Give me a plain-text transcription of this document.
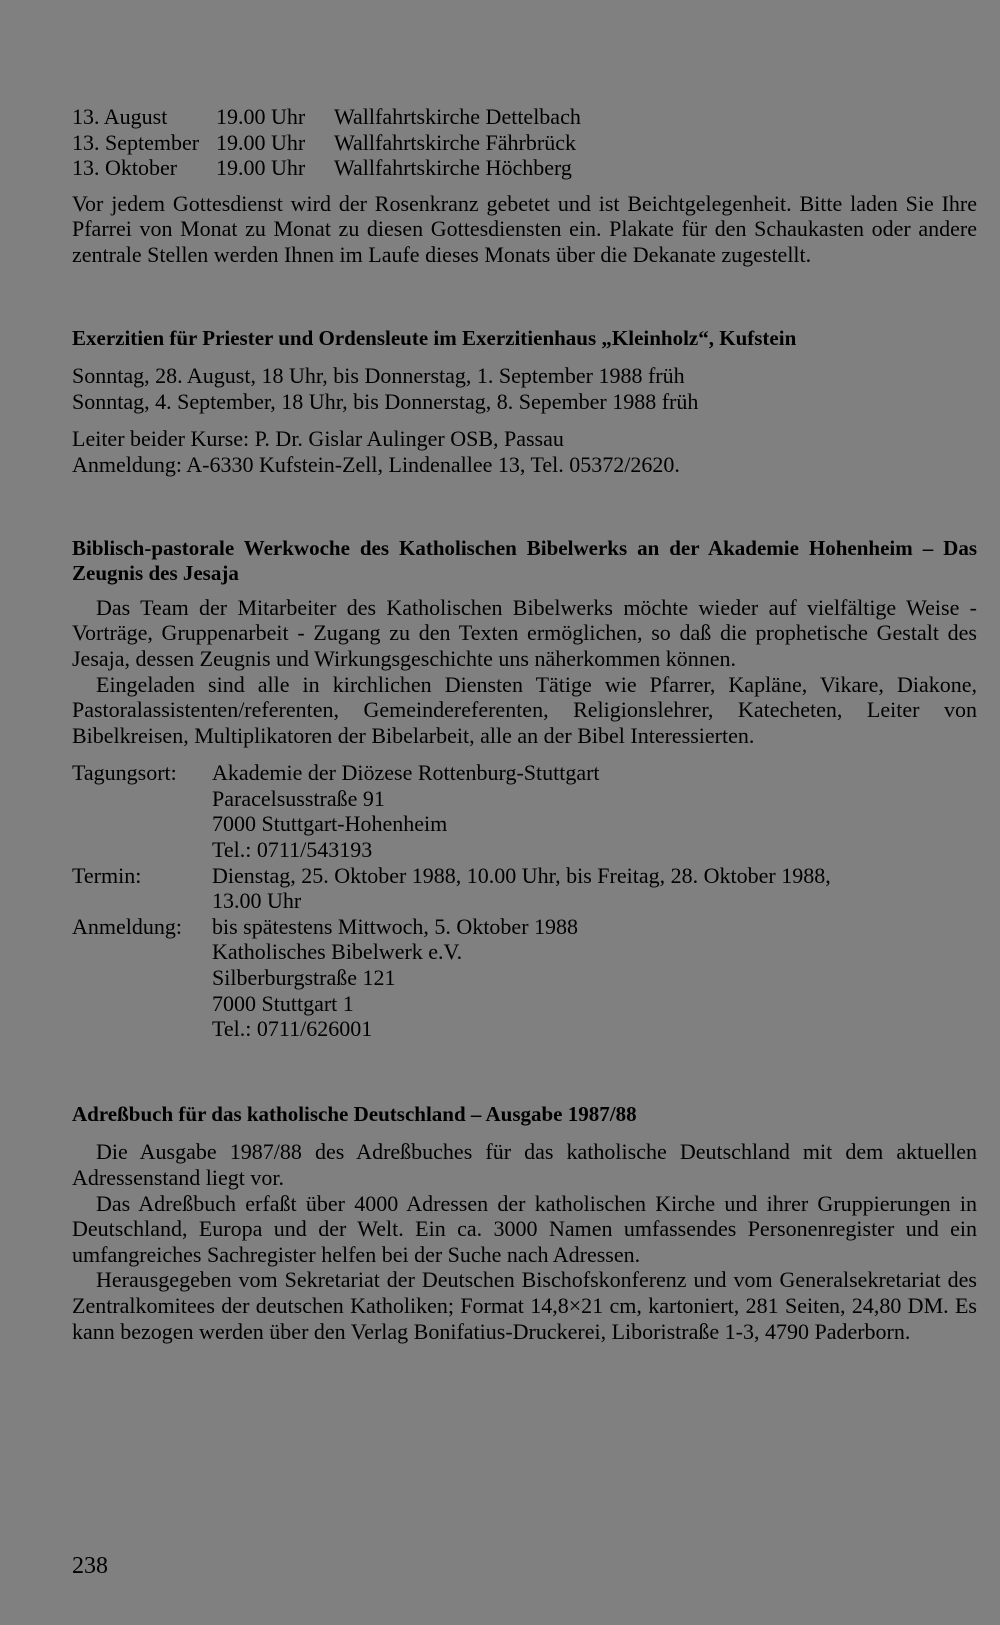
13. August	19.00 Uhr	Wallfahrtskirche Dettelbach
13. September 19.00 Uhr	Wallfahrtskirche Fährbrück
13. Oktober	19.00 Uhr	Wallfahrtskirche Höchberg

Vor jedem Gottesdienst wird der Rosenkranz gebetet und ist Beichtgelegenheit. Bitte laden Sie Ihre Pfarrei von Monat zu Monat zu diesen Gottesdiensten ein. Plakate für den Schaukasten oder andere zentrale Stellen werden Ihnen im Laufe dieses Monats über die Dekanate zugestellt.

Exerzitien für Priester und Ordensleute im Exerzitienhaus „Kleinholz“, Kufstein

Sonntag, 28. August, 18 Uhr, bis Donnerstag, 1. September 1988 früh
Sonntag, 4. September, 18 Uhr, bis Donnerstag, 8. Sepember 1988 früh
Leiter beider Kurse: P. Dr. Gislar Aulinger OSB, Passau
Anmeldung: A-6330 Kufstein-Zell, Lindenallee 13, Tel. 05372/2620.

Biblisch-pastorale Werkwoche des Katholischen Bibelwerks an der Akademie Hohenheim – Das Zeugnis des Jesaja

Das Team der Mitarbeiter des Katholischen Bibelwerks möchte wieder auf vielfältige Weise - Vorträge, Gruppenarbeit - Zugang zu den Texten ermöglichen, so daß die prophetische Gestalt des Jesaja, dessen Zeugnis und Wirkungsgeschichte uns näherkommen können.

Eingeladen sind alle in kirchlichen Diensten Tätige wie Pfarrer, Kapläne, Vikare, Diakone, Pastoralassistenten/referenten, Gemeindereferenten, Religionslehrer, Katecheten, Leiter von Bibelkreisen, Multiplikatoren der Bibelarbeit, alle an der Bibel Interessierten.

Tagungsort:	Akademie der Diözese Rottenburg-Stuttgart
Paracelsusstraße 91
7000 Stuttgart-Hohenheim
Tel.: 0711/543193
Termin:	Dienstag, 25. Oktober 1988, 10.00 Uhr, bis Freitag, 28. Oktober 1988,
13.00 Uhr
Anmeldung:	bis spätestens Mittwoch, 5. Oktober 1988
Katholisches Bibelwerk e.V.
Silberburgstraße 121
7000 Stuttgart 1
Tel.: 0711/626001

Adreßbuch für das katholische Deutschland – Ausgabe 1987/88

Die Ausgabe 1987/88 des Adreßbuches für das katholische Deutschland mit dem aktuellen Adressenstand liegt vor.

Das Adreßbuch erfaßt über 4000 Adressen der katholischen Kirche und ihrer Gruppierungen in Deutschland, Europa und der Welt. Ein ca. 3000 Namen umfassendes Personenregister und ein umfangreiches Sachregister helfen bei der Suche nach Adressen.

Herausgegeben vom Sekretariat der Deutschen Bischofskonferenz und vom Generalsekretariat des Zentralkomitees der deutschen Katholiken; Format 14,8×21 cm, kartoniert, 281 Seiten, 24,80 DM. Es kann bezogen werden über den Verlag Bonifatius-Druckerei, Liboristraße 1-3, 4790 Paderborn.

238
